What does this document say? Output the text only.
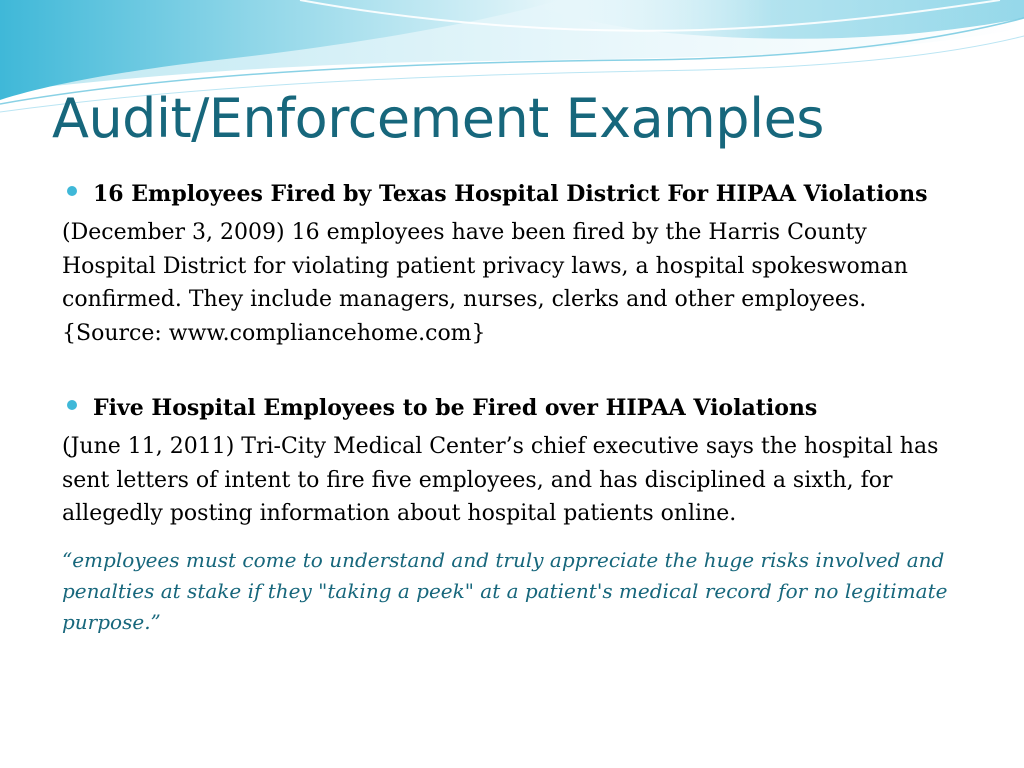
Audit/Enforcement Examples
16 Employees Fired by Texas Hospital District For HIPAA Violations
(December 3, 2009) 16 employees have been fired by the Harris County Hospital District for violating patient privacy laws, a hospital spokeswoman confirmed. They include managers, nurses, clerks and other employees. {Source: www.compliancehome.com}
Five Hospital Employees to be Fired over HIPAA Violations
(June 11, 2011) Tri-City Medical Center’s chief executive says the hospital has sent letters of intent to fire five employees, and has disciplined a sixth, for allegedly posting information about hospital patients online.
“employees must come to understand and truly appreciate the huge risks involved and penalties at stake if they "taking a peek" at a patient's medical record for no legitimate purpose.”
